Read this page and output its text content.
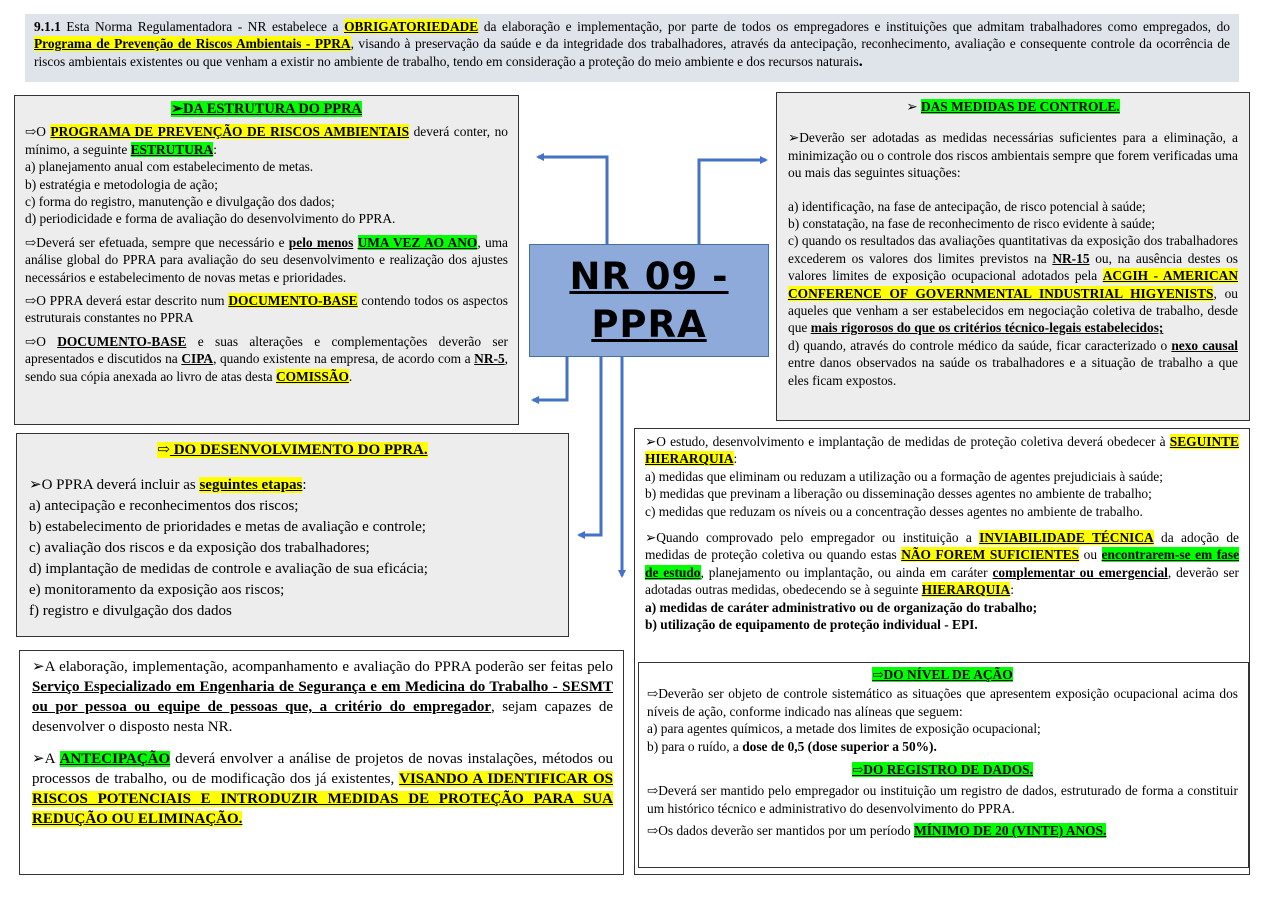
9.1.1 Esta Norma Regulamentadora - NR estabelece a OBRIGATORIEDADE da elaboração e implementação, por parte de todos os empregadores e instituições que admitam trabalhadores como empregados, do Programa de Prevenção de Riscos Ambientais - PPRA, visando à preservação da saúde e da integridade dos trabalhadores, através da antecipação, reconhecimento, avaliação e consequente controle da ocorrência de riscos ambientais existentes ou que venham a existir no ambiente de trabalho, tendo em consideração a proteção do meio ambiente e dos recursos naturais.

➢DA ESTRUTURA DO PPRA

⇨O PROGRAMA DE PREVENÇÃO DE RISCOS AMBIENTAIS deverá conter, no mínimo, a seguinte ESTRUTURA:

a) planejamento anual com estabelecimento de metas.

b) estratégia e metodologia de ação;

c) forma do registro, manutenção e divulgação dos dados;

d) periodicidade e forma de avaliação do desenvolvimento do PPRA.

⇨Deverá ser efetuada, sempre que necessário e pelo menos UMA VEZ AO ANO, uma análise global do PPRA para avaliação do seu desenvolvimento e realização dos ajustes necessários e estabelecimento de novas metas e prioridades.

⇨O PPRA deverá estar descrito num DOCUMENTO-BASE contendo todos os aspectos estruturais constantes no PPRA

⇨O DOCUMENTO-BASE e suas alterações e complementações deverão ser apresentados e discutidos na CIPA, quando existente na empresa, de acordo com a NR-5, sendo sua cópia anexada ao livro de atas desta COMISSÃO.

NR 09 -
PPRA

➢ DAS MEDIDAS DE CONTROLE.

➢Deverão ser adotadas as medidas necessárias suficientes para a eliminação, a minimização ou o controle dos riscos ambientais sempre que forem verificadas uma ou mais das seguintes situações:

a) identificação, na fase de antecipação, de risco potencial à saúde;

b) constatação, na fase de reconhecimento de risco evidente à saúde;

c) quando os resultados das avaliações quantitativas da exposição dos trabalhadores excederem os valores dos limites previstos na NR-15 ou, na ausência destes os valores limites de exposição ocupacional adotados pela ACGIH - AMERICAN CONFERENCE OF GOVERNMENTAL INDUSTRIAL HIGYENISTS, ou aqueles que venham a ser estabelecidos em negociação coletiva de trabalho, desde que mais rigorosos do que os critérios técnico-legais estabelecidos;

d) quando, através do controle médico da saúde, ficar caracterizado o nexo causal entre danos observados na saúde os trabalhadores e a situação de trabalho a que eles ficam expostos.

⇨ DO DESENVOLVIMENTO DO PPRA.

➢O PPRA deverá incluir as seguintes etapas:

a) antecipação e reconhecimentos dos riscos;

b) estabelecimento de prioridades e metas de avaliação e controle;

c) avaliação dos riscos e da exposição dos trabalhadores;

d) implantação de medidas de controle e avaliação de sua eficácia;

e) monitoramento da exposição aos riscos;

f) registro e divulgação dos dados

➢A elaboração, implementação, acompanhamento e avaliação do PPRA poderão ser feitas pelo Serviço Especializado em Engenharia de Segurança e em Medicina do Trabalho - SESMT ou por pessoa ou equipe de pessoas que, a critério do empregador, sejam capazes de desenvolver o disposto nesta NR.

➢A ANTECIPAÇÃO deverá envolver a análise de projetos de novas instalações, métodos ou processos de trabalho, ou de modificação dos já existentes, VISANDO A IDENTIFICAR OS RISCOS POTENCIAIS E INTRODUZIR MEDIDAS DE PROTEÇÃO PARA SUA REDUÇÃO OU ELIMINAÇÃO.

➢O estudo, desenvolvimento e implantação de medidas de proteção coletiva deverá obedecer à SEGUINTE HIERARQUIA:

a) medidas que eliminam ou reduzam a utilização ou a formação de agentes prejudiciais à saúde;

b) medidas que previnam a liberação ou disseminação desses agentes no ambiente de trabalho;

c) medidas que reduzam os níveis ou a concentração desses agentes no ambiente de trabalho.

➢Quando comprovado pelo empregador ou instituição a INVIABILIDADE TÉCNICA da adoção de medidas de proteção coletiva ou quando estas NÃO FOREM SUFICIENTES ou encontrarem-se em fase de estudo, planejamento ou implantação, ou ainda em caráter complementar ou emergencial, deverão ser adotadas outras medidas, obedecendo se à seguinte HIERARQUIA:

a) medidas de caráter administrativo ou de organização do trabalho;

b) utilização de equipamento de proteção individual - EPI.

⇨DO NÍVEL DE AÇÃO

⇨Deverão ser objeto de controle sistemático as situações que apresentem exposição ocupacional acima dos níveis de ação, conforme indicado nas alíneas que seguem:

a) para agentes químicos, a metade dos limites de exposição ocupacional;

b) para o ruído, a dose de 0,5 (dose superior a 50%).

⇨DO REGISTRO DE DADOS.

⇨Deverá ser mantido pelo empregador ou instituição um registro de dados, estruturado de forma a constituir um histórico técnico e administrativo do desenvolvimento do PPRA.

⇨Os dados deverão ser mantidos por um período MÍNIMO DE 20 (VINTE) ANOS.
